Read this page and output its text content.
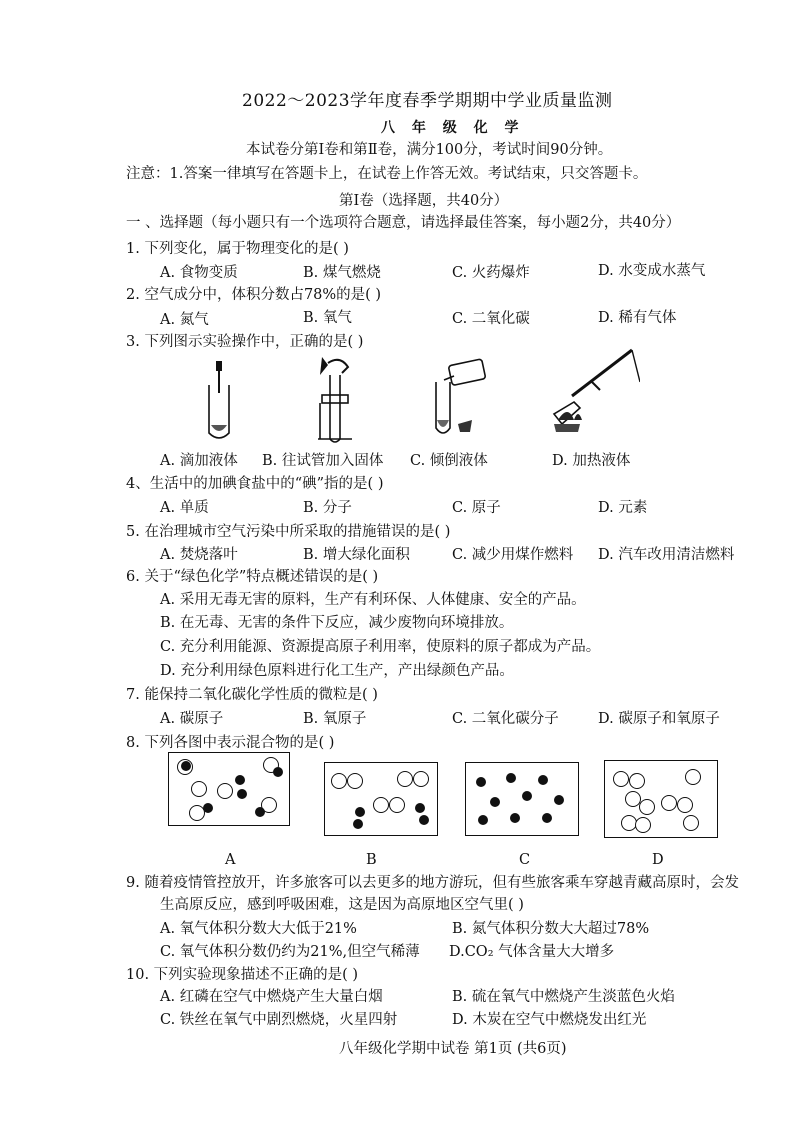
2022～2023学年度春季学期期中学业质量监测
八 年 级 化 学
本试卷分第Ⅰ卷和第Ⅱ卷，满分100分，考试时间90分钟。
注意：1.答案一律填写在答题卡上，在试卷上作答无效。考试结束，只交答题卡。
第Ⅰ卷（选择题，共40分）
一 、选择题（每小题只有一个选项符合题意，请选择最佳答案，每小题2分，共40分）
1. 下列变化，属于物理变化的是( )
A. 食物变质	B. 煤气燃烧	C. 火药爆炸	D. 水变成水蒸气
2. 空气成分中，体积分数占78%的是( )
A. 氮气	B. 氧气	C. 二氧化碳	D. 稀有气体
3. 下列图示实验操作中，正确的是( )
A. 滴加液体 B. 往试管加入固体 C. 倾倒液体	D. 加热液体
4、生活中的加碘食盐中的“碘”指的是( )
A. 单质	B. 分子	C. 原子	D. 元素
5. 在治理城市空气污染中所采取的措施错误的是( )
A. 焚烧落叶	B. 增大绿化面积	C. 减少用煤作燃料 D. 汽车改用清洁燃料
6. 关于“绿色化学”特点概述错误的是( )
A. 采用无毒无害的原料，生产有利环保、人体健康、安全的产品。
B. 在无毒、无害的条件下反应，减少废物向环境排放。
C. 充分利用能源、资源提高原子利用率，使原料的原子都成为产品。
D. 充分利用绿色原料进行化工生产，产出绿颜色产品。
7. 能保持二氧化碳化学性质的微粒是( )
A. 碳原子	B. 氧原子	C. 二氧化碳分子	D. 碳原子和氧原子
8. 下列各图中表示混合物的是( )
A	B	C	D
9. 随着疫情管控放开，许多旅客可以去更多的地方游玩，但有些旅客乘车穿越青藏高原时，会发
生高原反应，感到呼吸困难，这是因为高原地区空气里( )
A. 氧气体积分数大大低于21%	B. 氮气体积分数大大超过78%
C. 氧气体积分数仍约为21%,但空气稀薄 D.CO₂ 气体含量大大增多
10. 下列实验现象描述不正确的是( )
A. 红磷在空气中燃烧产生大量白烟	B. 硫在氧气中燃烧产生淡蓝色火焰
C. 铁丝在氧气中剧烈燃烧，火星四射	D. 木炭在空气中燃烧发出红光
八年级化学期中试卷 第1页 (共6页)
